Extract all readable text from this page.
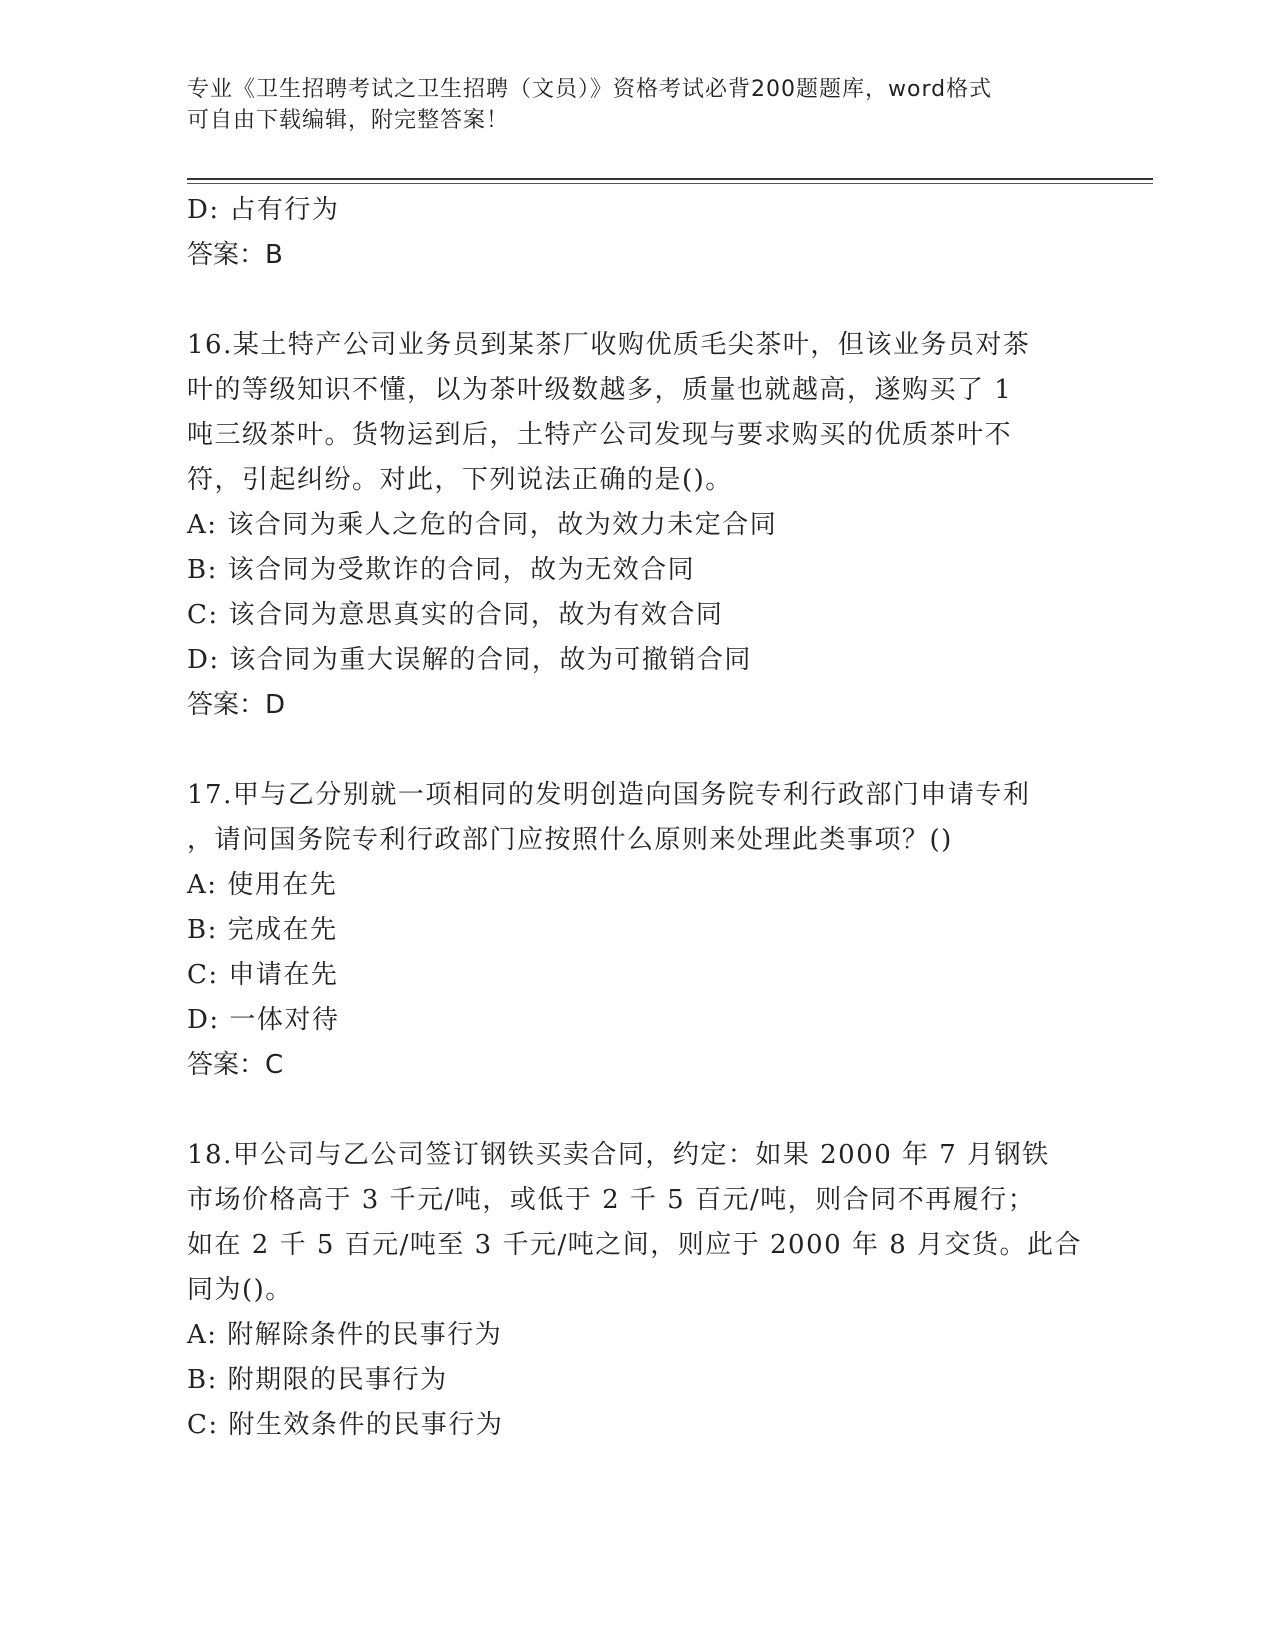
专业《卫生招聘考试之卫生招聘（文员）》资格考试必背200题题库，word格式
可自由下载编辑，附完整答案！
D: 占有行为
答案：B
16.某土特产公司业务员到某茶厂收购优质毛尖茶叶，但该业务员对茶
叶的等级知识不懂，以为茶叶级数越多，质量也就越高，遂购买了 1
吨三级茶叶。货物运到后，土特产公司发现与要求购买的优质茶叶不
符，引起纠纷。对此，下列说法正确的是()。
A: 该合同为乘人之危的合同，故为效力未定合同
B: 该合同为受欺诈的合同，故为无效合同
C: 该合同为意思真实的合同，故为有效合同
D: 该合同为重大误解的合同，故为可撤销合同
答案：D
17.甲与乙分别就一项相同的发明创造向国务院专利行政部门申请专利
，请问国务院专利行政部门应按照什么原则来处理此类事项？()
A: 使用在先
B: 完成在先
C: 申请在先
D: 一体对待
答案：C
18.甲公司与乙公司签订钢铁买卖合同，约定：如果 2000 年 7 月钢铁
市场价格高于 3 千元/吨，或低于 2 千 5 百元/吨，则合同不再履行；
如在 2 千 5 百元/吨至 3 千元/吨之间，则应于 2000 年 8 月交货。此合
同为()。
A: 附解除条件的民事行为
B: 附期限的民事行为
C: 附生效条件的民事行为
